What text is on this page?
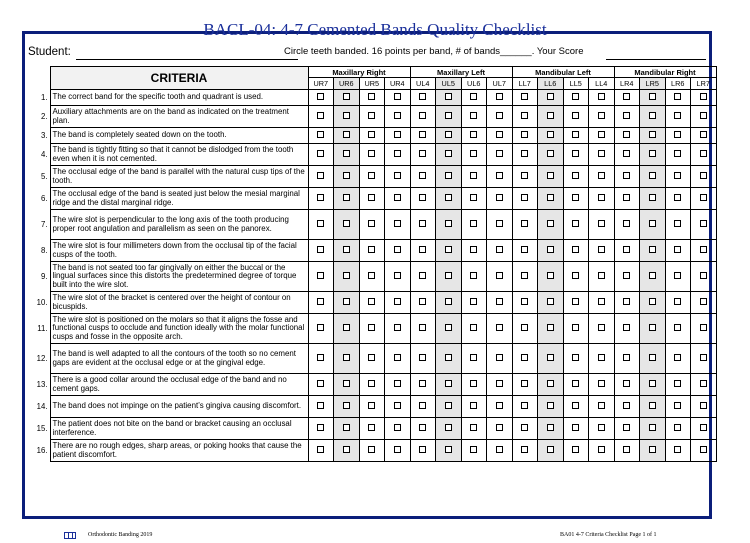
BACL-04: 4-7 Cemented Bands Quality Checklist
Student:	Circle teeth banded. 16 points per band, # of bands______. Your Score
	CRITERIA	Maxillary Right				Maxillary Left				Mandibular Left				Mandibular Right			
		UR7	UR6	UR5	UR4	UL4	UL5	UL6	UL7	LL7	LL6	LL5	LL4	LR4	LR5	LR6	LR7
1.	The correct band for the specific tooth and quadrant is used.																
2.	Auxiliary attachments are on the band as indicated on the treatment plan.																
3.	The band is completely seated down on the tooth.																
4.	The band is tightly fitting so that it cannot be dislodged from the tooth even when it is not cemented.																
5.	The occlusal edge of the band is parallel with the natural cusp tips of the tooth.																
6.	The occlusal edge of the band is seated just below the mesial marginal ridge and the distal marginal ridge.																
7.	The wire slot is perpendicular to the long axis of the tooth producing proper root angulation and parallelism as seen on the panorex.																
8.	The wire slot is four millimeters down from the occlusal tip of the facial cusps of the tooth.																
9.	The band is not seated too far gingivally on either the buccal or the lingual surfaces since this distorts the predetermined degree of torque built into the wire slot.																
10.	The wire slot of the bracket is centered over the height of contour on bicuspids.																
11.	The wire slot is positioned on the molars so that it aligns the fosse and functional cusps to occlude and function ideally with the molar functional cusps and fosse in the opposite arch.																
12.	The band is well adapted to all the contours of the tooth so no cement gaps are evident at the occlusal edge or at the gingival edge.																
13.	There is a good collar around the occlusal edge of the band and no cement gaps.																
14.	The band does not impinge on the patient’s gingiva causing discomfort.																
15.	The patient does not bite on the band or bracket causing an occlusal interference.																
16.	There are no rough edges, sharp areas, or poking hooks that cause the patient discomfort.																
Orthodontic Banding 2019	BA01 4-7 Criteria Checklist Page 1 of 1
